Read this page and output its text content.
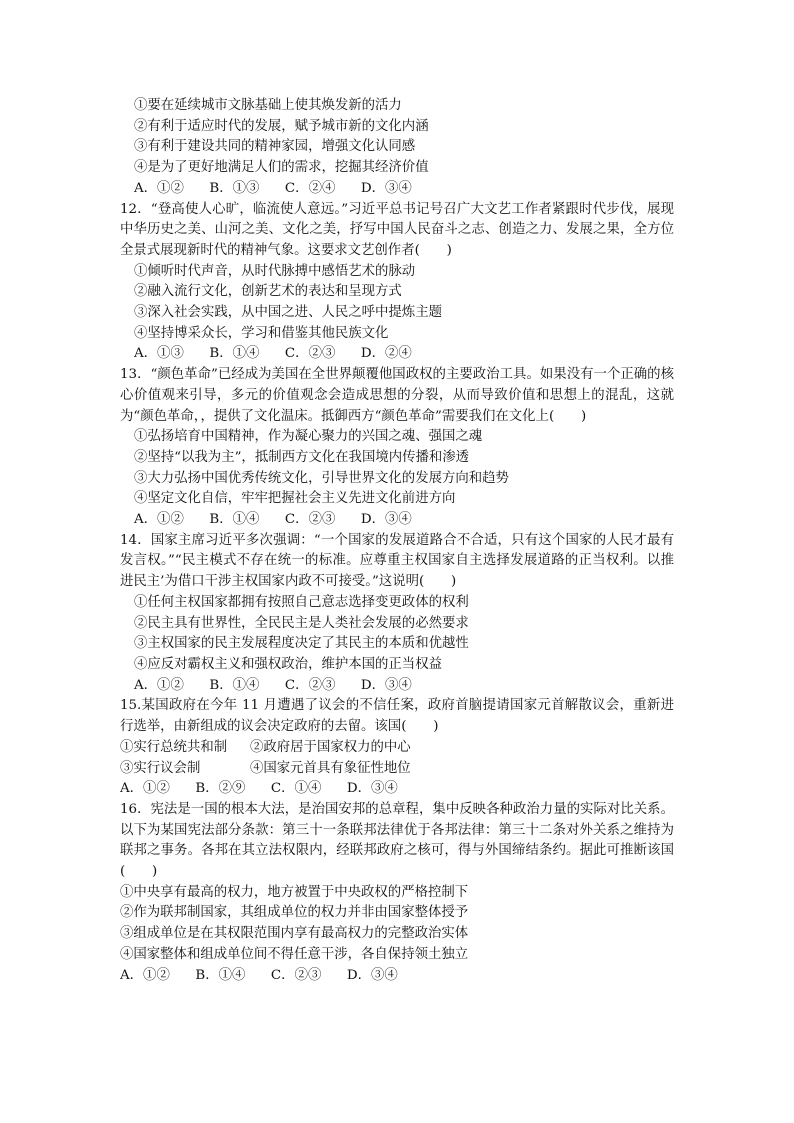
①要在延续城市文脉基础上使其焕发新的活力
②有利于适应时代的发展，赋予城市新的文化内涵
③有利于建设共同的精神家园，增强文化认同感
④是为了更好地满足人们的需求，挖掘其经济价值
A．①②      B．①③      C．②④      D．③④
12．“登高使人心旷，临流使人意远。”习近平总书记号召广大文艺工作者紧跟时代步伐，展现中华历史之美、山河之美、文化之美，抒写中国人民奋斗之志、创造之力、发展之果，全方位全景式展现新时代的精神气象。这要求文艺创作者(　　)
①倾听时代声音，从时代脉搏中感悟艺术的脉动
②融入流行文化，创新艺术的表达和呈现方式
③深入社会实践，从中国之进、人民之呼中提炼主题
④坚持博采众长，学习和借鉴其他民族文化
A．①③      B．①④      C．②③      D．②④
13．“颜色革命”已经成为美国在全世界颠覆他国政权的主要政治工具。如果没有一个正确的核心价值观来引导，多元的价值观念会造成思想的分裂，从而导致价值和思想上的混乱，这就为“颜色革命，，提供了文化温床。抵御西方“颜色革命”需要我们在文化上(　　)
①弘扬培育中国精神，作为凝心聚力的兴国之魂、强国之魂
②坚持“以我为主”，抵制西方文化在我国境内传播和渗透
③大力弘扬中国优秀传统文化，引导世界文化的发展方向和趋势
④坚定文化自信，牢牢把握社会主义先进文化前进方向
A．①②      B．①④      C．②③      D．③④
14．国家主席习近平多次强调：“一个国家的发展道路合不合适，只有这个国家的人民才最有发言权。”“民主模式不存在统一的标准。应尊重主权国家自主选择发展道路的正当权利。以推进民主’为借口干涉主权国家内政不可接受。”这说明(　　)
①任何主权国家都拥有按照自己意志选择变更政体的权利
②民主具有世界性，全民民主是人类社会发展的必然要求
③主权国家的民主发展程度决定了其民主的本质和优越性
④应反对霸权主义和强权政治，维护本国的正当权益
A．①②      B．①④      C．②③      D．③④
15.某国政府在今年 11 月遭遇了议会的不信任案，政府首脑提请国家元首解散议会，重新进行选举，由新组成的议会决定政府的去留。该国(　　)
①实行总统共和制	②政府居于国家权力的中心
③实行议会制	④国家元首具有象征性地位
A．①②      B．②⑨      C．①④      D．③④
16．宪法是一国的根本大法，是治国安邦的总章程，集中反映各种政治力量的实际对比关系。以下为某国宪法部分条款：第三十一条联邦法律优于各邦法律：第三十二条对外关系之维持为联邦之事务。各邦在其立法权限内，经联邦政府之核可，得与外国缔结条约。据此可推断该国(　　)
①中央享有最高的权力，地方被置于中央政权的严格控制下
②作为联邦制国家，其组成单位的权力并非由国家整体授予
③组成单位是在其权限范围内享有最高权力的完整政治实体
④国家整体和组成单位间不得任意干涉，各自保持领土独立
A．①②      B．①④      C．②③      D．③④
